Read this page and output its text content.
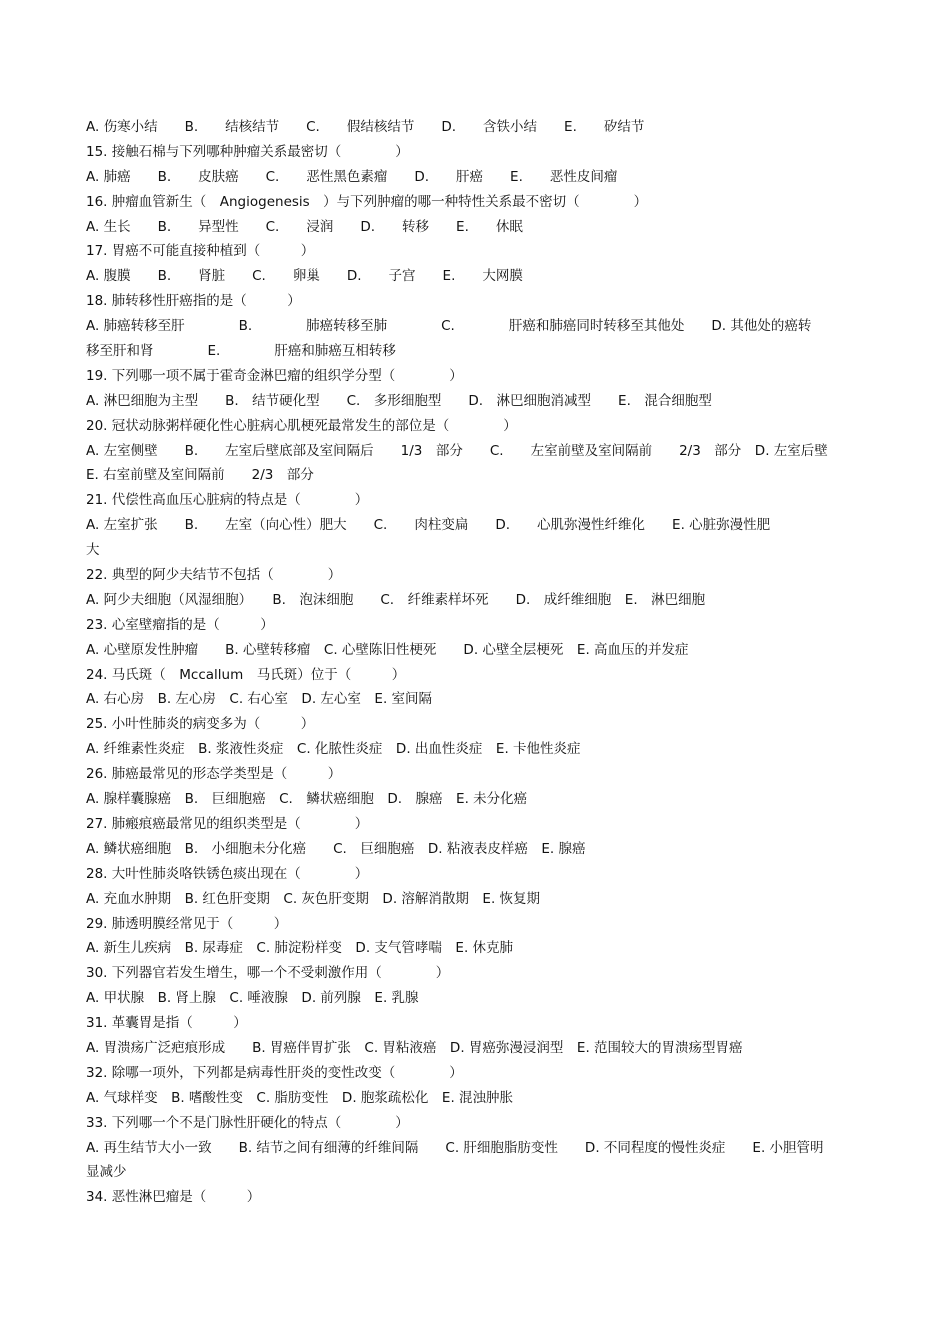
A. 伤寒小结　　B.　　结核结节　　C.　　假结核结节　　D.　　含铁小结　　E.　　矽结节
15. 接触石棉与下列哪种肿瘤关系最密切（　　　　）
A. 肺癌　　B.　　皮肤癌　　C.　　恶性黑色素瘤　　D.　　肝癌　　E.　　恶性皮间瘤
16. 肿瘤血管新生（　Angiogenesis　）与下列肿瘤的哪一种特性关系最不密切（　　　　）
A. 生长　　B.　　异型性　　C.　　浸润　　D.　　转移　　E.　　休眠
17. 胃癌不可能直接种植到（　　　）
A. 腹膜　　B.　　肾脏　　C.　　卵巢　　D.　　子宫　　E.　　大网膜
18. 肺转移性肝癌指的是（　　　）
A. 肺癌转移至肝　　　　B.　　　　肺癌转移至肺　　　　C.　　　　肝癌和肺癌同时转移至其他处　　D. 其他处的癌转
移至肝和肾　　　　E.　　　　肝癌和肺癌互相转移
19. 下列哪一项不属于霍奇金淋巴瘤的组织学分型（　　　　）
A. 淋巴细胞为主型　　B.　结节硬化型　　C.　多形细胞型　　D.　淋巴细胞消减型　　E.　混合细胞型
20. 冠状动脉粥样硬化性心脏病心肌梗死最常发生的部位是（　　　　）
A. 左室侧壁　　B.　　左室后壁底部及室间隔后　　1/3　部分　　C.　　左室前壁及室间隔前　　2/3　部分　D. 左室后壁
E. 右室前壁及室间隔前　　2/3　部分
21. 代偿性高血压心脏病的特点是（　　　　）
A. 左室扩张　　B.　　左室（向心性）肥大　　C.　　肉柱变扁　　D.　　心肌弥漫性纤维化　　E. 心脏弥漫性肥
大
22. 典型的阿少夫结节不包括（　　　　）
A. 阿少夫细胞（风湿细胞）　　B.　泡沫细胞　　C.　纤维素样坏死　　D.　成纤维细胞　E.　淋巴细胞
23. 心室壁瘤指的是（　　　）
A. 心壁原发性肿瘤　　B. 心壁转移瘤　C. 心壁陈旧性梗死　　D. 心壁全层梗死　E. 高血压的并发症
24. 马氏斑（　Mccallum　马氏斑）位于（　　　）
A. 右心房　B. 左心房　C. 右心室　D. 左心室　E. 室间隔
25. 小叶性肺炎的病变多为（　　　）
A. 纤维素性炎症　B. 浆液性炎症　C. 化脓性炎症　D. 出血性炎症　E. 卡他性炎症
26. 肺癌最常见的形态学类型是（　　　）
A. 腺样囊腺癌　B.　巨细胞癌　C.　鳞状癌细胞　D.　腺癌　E. 未分化癌
27. 肺瘢痕癌最常见的组织类型是（　　　　）
A. 鳞状癌细胞　B.　小细胞未分化癌　　C.　巨细胞癌　D. 粘液表皮样癌　E. 腺癌
28. 大叶性肺炎咯铁锈色痰出现在（　　　　）
A. 充血水肿期　B. 红色肝变期　C. 灰色肝变期　D. 溶解消散期　E. 恢复期
29. 肺透明膜经常见于（　　　）
A. 新生儿疾病　B. 尿毒症　C. 肺淀粉样变　D. 支气管哮喘　E. 休克肺
30. 下列器官若发生增生，哪一个不受刺激作用（　　　　）
A. 甲状腺　B. 肾上腺　C. 唾液腺　D. 前列腺　E. 乳腺
31. 革囊胃是指（　　　）
A. 胃溃疡广泛疤痕形成　　B. 胃癌伴胃扩张　C. 胃粘液癌　D. 胃癌弥漫浸润型　E. 范围较大的胃溃疡型胃癌
32. 除哪一项外，下列都是病毒性肝炎的变性改变（　　　　）
A. 气球样变　B. 嗜酸性变　C. 脂肪变性　D. 胞浆疏松化　E. 混浊肿胀
33. 下列哪一个不是门脉性肝硬化的特点（　　　　）
A. 再生结节大小一致　　B. 结节之间有细薄的纤维间隔　　C. 肝细胞脂肪变性　　D. 不同程度的慢性炎症　　E. 小胆管明
显减少
34. 恶性淋巴瘤是（　　　）
